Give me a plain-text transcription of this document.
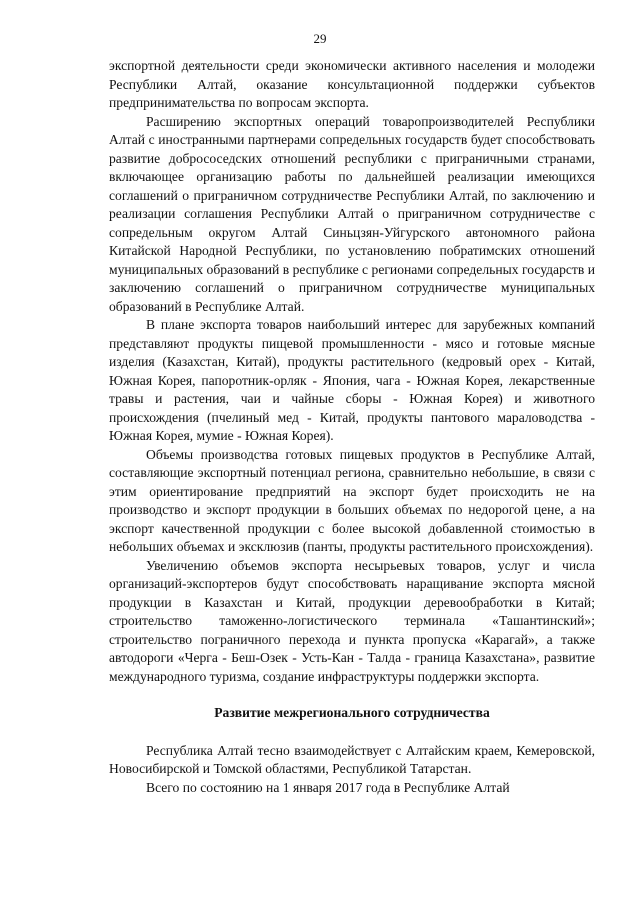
29

экспортной деятельности среди экономически активного населения и молодежи Республики Алтай, оказание консультационной поддержки субъектов предпринимательства по вопросам экспорта.

Расширению экспортных операций товаропроизводителей Республики Алтай с иностранными партнерами сопредельных государств будет способствовать развитие добрососедских отношений республики с приграничными странами, включающее организацию работы по дальнейшей реализации имеющихся соглашений о приграничном сотрудничестве Республики Алтай, по заключению и реализации соглашения Республики Алтай о приграничном сотрудничестве с сопредельным округом Алтай Синьцзян-Уйгурского автономного района Китайской Народной Республики, по установлению побратимских отношений муниципальных образований в республике с регионами сопредельных государств и заключению соглашений о приграничном сотрудничестве муниципальных образований в Республике Алтай.

В плане экспорта товаров наибольший интерес для зарубежных компаний представляют продукты пищевой промышленности - мясо и готовые мясные изделия (Казахстан, Китай), продукты растительного (кедровый орех - Китай, Южная Корея, папоротник-орляк - Япония, чага - Южная Корея, лекарственные травы и растения, чаи и чайные сборы - Южная Корея) и животного происхождения (пчелиный мед - Китай, продукты пантового мараловодства - Южная Корея, мумие - Южная Корея).

Объемы производства готовых пищевых продуктов в Республике Алтай, составляющие экспортный потенциал региона, сравнительно небольшие, в связи с этим ориентирование предприятий на экспорт будет происходить не на производство и экспорт продукции в больших объемах по недорогой цене, а на экспорт качественной продукции с более высокой добавленной стоимостью в небольших объемах и эксклюзив (панты, продукты растительного происхождения).

Увеличению объемов экспорта несырьевых товаров, услуг и числа организаций-экспортеров будут способствовать наращивание экспорта мясной продукции в Казахстан и Китай, продукции деревообработки в Китай; строительство таможенно-логистического терминала «Ташантинский»; строительство пограничного перехода и пункта пропуска «Карагай», а также автодороги «Черга - Беш-Озек - Усть-Кан - Талда - граница Казахстана», развитие международного туризма, создание инфраструктуры поддержки экспорта.

Развитие межрегионального сотрудничества

Республика Алтай тесно взаимодействует с Алтайским краем, Кемеровской, Новосибирской и Томской областями, Республикой Татарстан.

Всего по состоянию на 1 января 2017 года в Республике Алтай
